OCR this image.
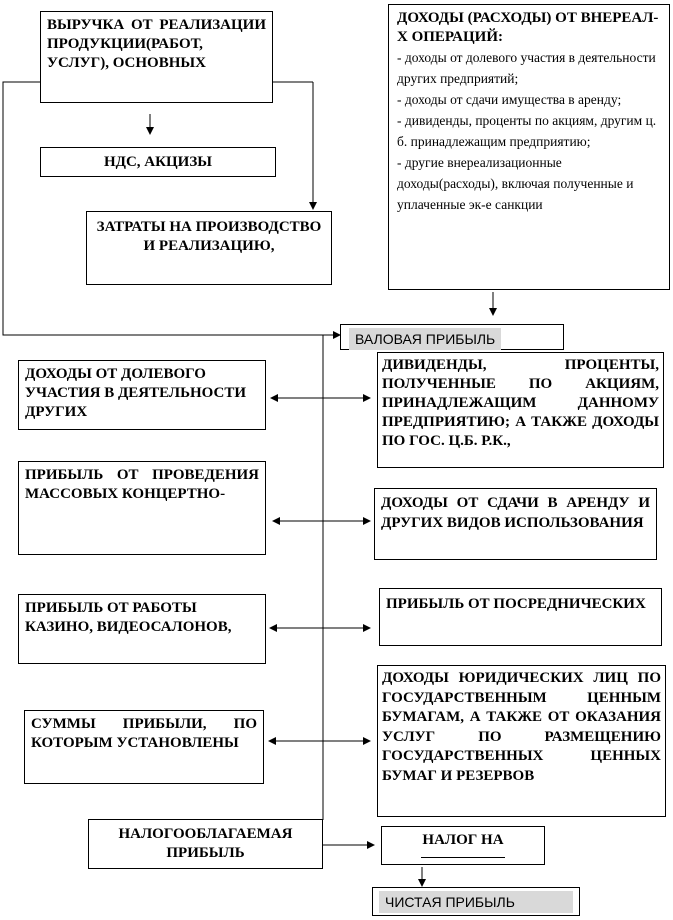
ВЫРУЧКА ОТ РЕАЛИЗАЦИИ ПРОДУКЦИИ(РАБОТ, УСЛУГ), ОСНОВНЫХ
НДС, АКЦИЗЫ
ЗАТРАТЫ НА ПРОИЗВОДСТВО И РЕАЛИЗАЦИЮ,
ДОХОДЫ (РАСХОДЫ) ОТ ВНЕРЕАЛ-Х ОПЕРАЦИЙ:
- доходы от долевого участия в деятельности других предприятий;
- доходы от сдачи имущества в аренду;
- дивиденды, проценты по акциям, другим ц. б. принадлежащим предприятию;
- другие внереализационные доходы(расходы), включая полученные и уплаченные эк-е санкции
ВАЛОВАЯ ПРИБЫЛЬ
ДОХОДЫ ОТ ДОЛЕВОГО УЧАСТИЯ В ДЕЯТЕЛЬНОСТИ ДРУГИХ
ПРИБЫЛЬ ОТ ПРОВЕДЕНИЯ МАССОВЫХ КОНЦЕРТНО-
ПРИБЫЛЬ ОТ РАБОТЫ КАЗИНО, ВИДЕОСАЛОНОВ,
СУММЫ ПРИБЫЛИ, ПО КОТОРЫМ УСТАНОВЛЕНЫ
ДИВИДЕНДЫ, ПРОЦЕНТЫ, ПОЛУЧЕННЫЕ ПО АКЦИЯМ, ПРИНАДЛЕЖАЩИМ ДАННОМУ ПРЕДПРИЯТИЮ; А ТАКЖЕ ДОХОДЫ ПО ГОС. Ц.Б. Р.К.,
ДОХОДЫ ОТ СДАЧИ В АРЕНДУ И ДРУГИХ ВИДОВ ИСПОЛЬЗОВАНИЯ
ПРИБЫЛЬ ОТ ПОСРЕДНИЧЕСКИХ
ДОХОДЫ ЮРИДИЧЕСКИХ ЛИЦ ПО ГОСУДАРСТВЕННЫМ ЦЕННЫМ БУМАГАМ, А ТАКЖЕ ОТ ОКАЗАНИЯ УСЛУГ ПО РАЗМЕЩЕНИЮ ГОСУДАРСТВЕННЫХ ЦЕННЫХ БУМАГ И РЕЗЕРВОВ
НАЛОГООБЛАГАЕМАЯ ПРИБЫЛЬ
НАЛОГ НА
ЧИСТАЯ ПРИБЫЛЬ
